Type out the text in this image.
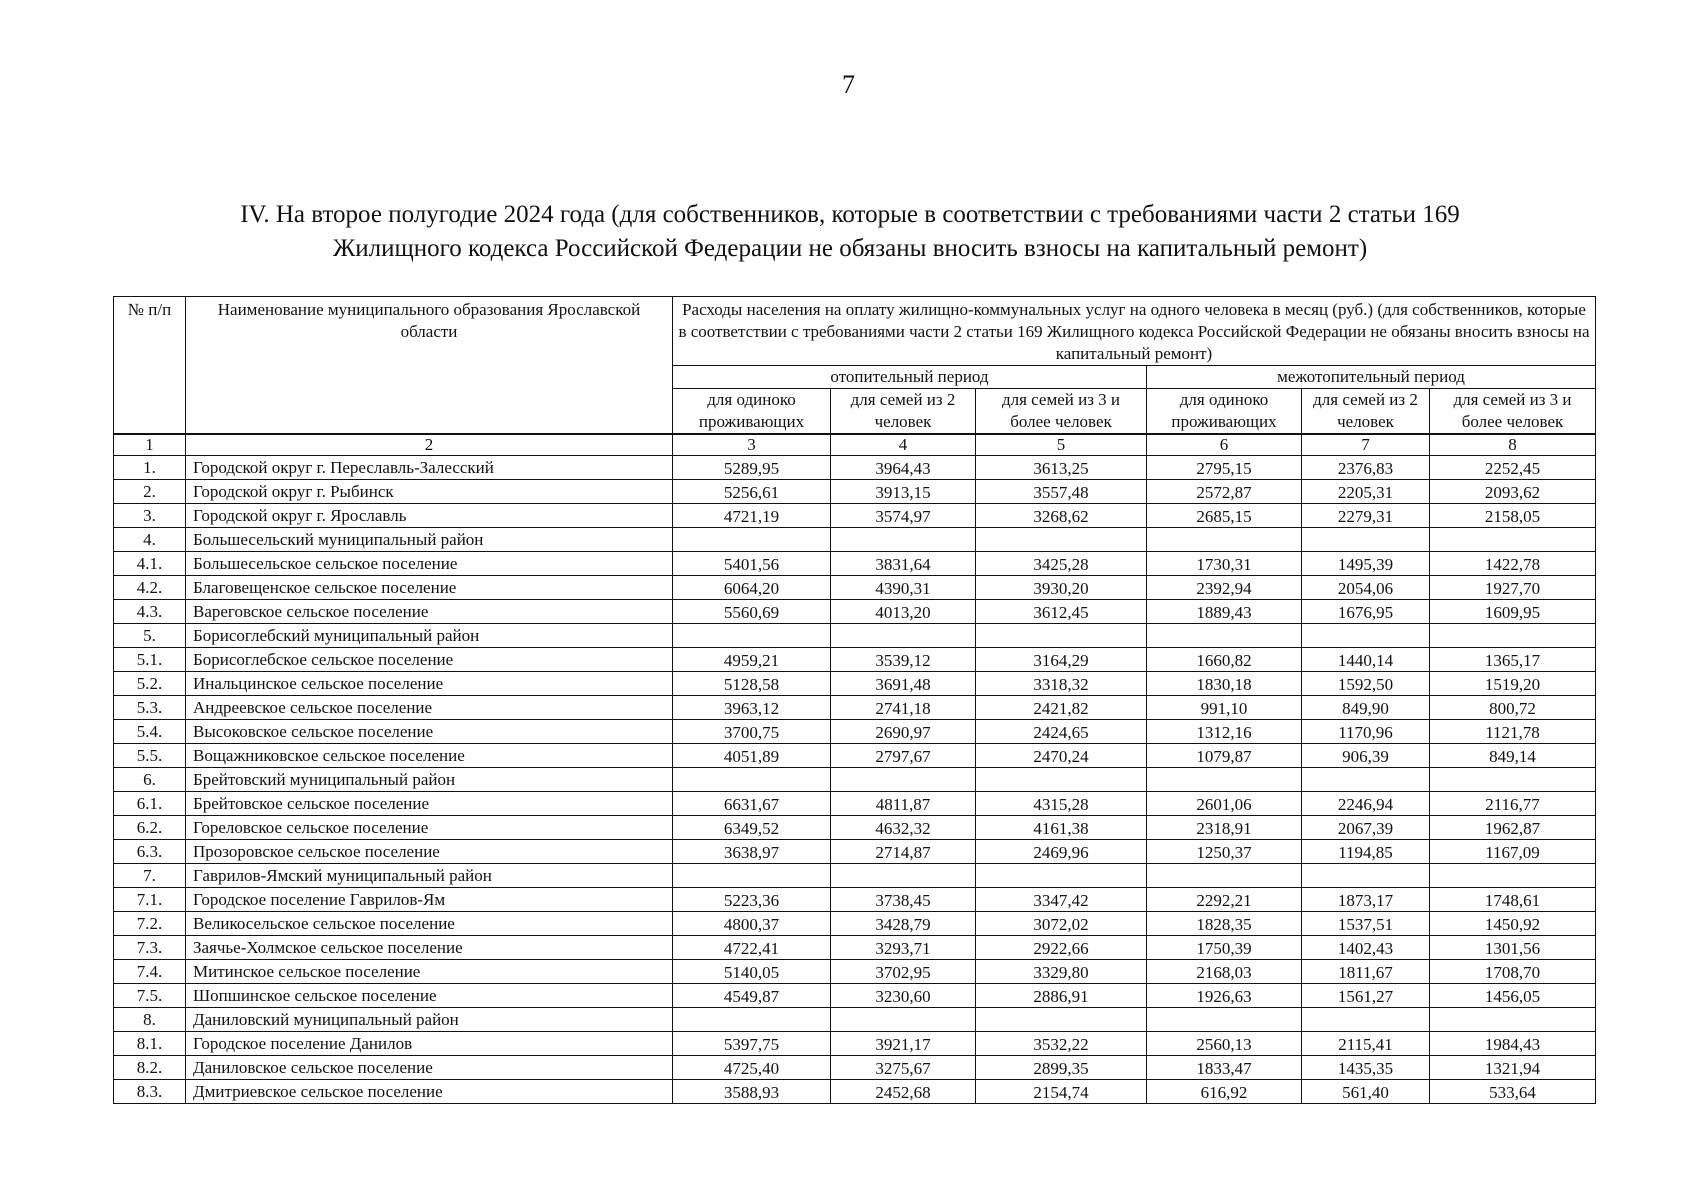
7
IV. На второе полугодие 2024 года (для собственников, которые в соответствии с требованиями части 2 статьи 169
Жилищного кодекса Российской Федерации не обязаны вносить взносы на капитальный ремонт)
№ п/п	Наименование муниципального образования Ярославской области	Расходы населения на оплату жилищно-коммунальных услуг на одного человека в месяц (руб.) (для собственников, которые в соответствии с требованиями части 2 статьи 169 Жилищного кодекса Российской Федерации не обязаны вносить взносы на капитальный ремонт)					
		отопительный период			межотопительный период		
		для одиноко проживающих	для семей из 2 человек	для семей из 3 и более человек	для одиноко проживающих	для семей из 2 человек	для семей из 3 и более человек
1	2	3	4	5	6	7	8
1.	Городской округ г. Переславль-Залесский	5289,95	3964,43	3613,25	2795,15	2376,83	2252,45
2.	Городской округ г. Рыбинск	5256,61	3913,15	3557,48	2572,87	2205,31	2093,62
3.	Городской округ г. Ярославль	4721,19	3574,97	3268,62	2685,15	2279,31	2158,05
4.	Большесельский муниципальный район						
4.1.	Большесельское сельское поселение	5401,56	3831,64	3425,28	1730,31	1495,39	1422,78
4.2.	Благовещенское сельское поселение	6064,20	4390,31	3930,20	2392,94	2054,06	1927,70
4.3.	Вареговское сельское поселение	5560,69	4013,20	3612,45	1889,43	1676,95	1609,95
5.	Борисоглебский муниципальный район						
5.1.	Борисоглебское сельское поселение	4959,21	3539,12	3164,29	1660,82	1440,14	1365,17
5.2.	Инальцинское сельское поселение	5128,58	3691,48	3318,32	1830,18	1592,50	1519,20
5.3.	Андреевское сельское поселение	3963,12	2741,18	2421,82	991,10	849,90	800,72
5.4.	Высоковское сельское поселение	3700,75	2690,97	2424,65	1312,16	1170,96	1121,78
5.5.	Вощажниковское сельское поселение	4051,89	2797,67	2470,24	1079,87	906,39	849,14
6.	Брейтовский муниципальный район						
6.1.	Брейтовское сельское поселение	6631,67	4811,87	4315,28	2601,06	2246,94	2116,77
6.2.	Гореловское сельское поселение	6349,52	4632,32	4161,38	2318,91	2067,39	1962,87
6.3.	Прозоровское сельское поселение	3638,97	2714,87	2469,96	1250,37	1194,85	1167,09
7.	Гаврилов-Ямский муниципальный район						
7.1.	Городское поселение Гаврилов-Ям	5223,36	3738,45	3347,42	2292,21	1873,17	1748,61
7.2.	Великосельское сельское поселение	4800,37	3428,79	3072,02	1828,35	1537,51	1450,92
7.3.	Заячье-Холмское сельское поселение	4722,41	3293,71	2922,66	1750,39	1402,43	1301,56
7.4.	Митинское сельское поселение	5140,05	3702,95	3329,80	2168,03	1811,67	1708,70
7.5.	Шопшинское сельское поселение	4549,87	3230,60	2886,91	1926,63	1561,27	1456,05
8.	Даниловский муниципальный район						
8.1.	Городское поселение Данилов	5397,75	3921,17	3532,22	2560,13	2115,41	1984,43
8.2.	Даниловское сельское поселение	4725,40	3275,67	2899,35	1833,47	1435,35	1321,94
8.3.	Дмитриевское сельское поселение	3588,93	2452,68	2154,74	616,92	561,40	533,64
